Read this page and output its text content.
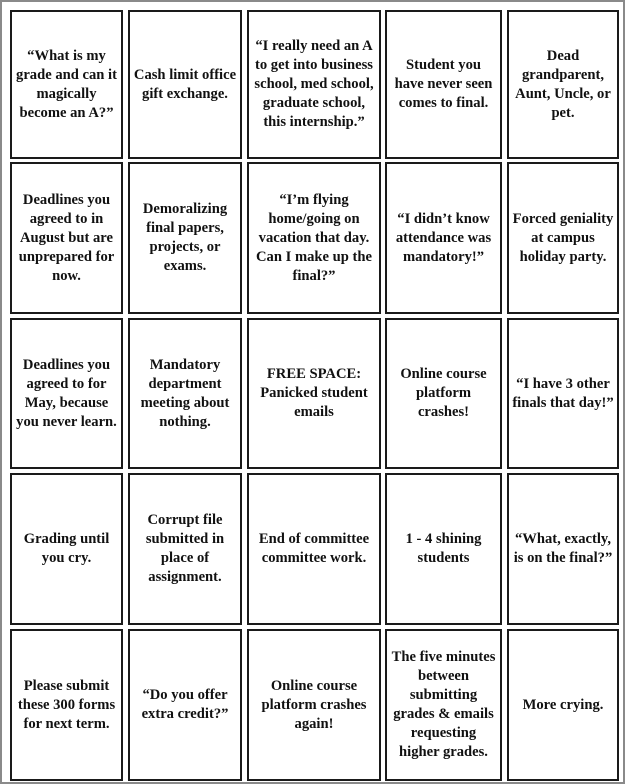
“What is my grade and can it magically become an A?”
Cash limit office gift exchange.
“I really need an A to get into business school, med school, graduate school, this internship.”
Student you have never seen comes to final.
Dead grandparent, Aunt, Uncle, or pet.
Deadlines you agreed to in August but are unprepared for now.
Demoralizing final papers, projects, or exams.
“I’m flying home/going on vacation that day. Can I make up the final?”
“I didn’t know attendance was mandatory!”
Forced geniality at campus holiday party.
Deadlines you agreed to for May, because you never learn.
Mandatory department meeting about nothing.
FREE SPACE: Panicked student emails
Online course platform crashes!
“I have 3 other finals that day!”
Grading until you cry.
Corrupt file submitted in place of assignment.
End of committee committee work.
1 - 4 shining students
“What, exactly, is on the final?”
Please submit these 300 forms for next term.
“Do you offer extra credit?”
Online course platform crashes again!
The five minutes between submitting grades & emails requesting higher grades.
More crying.
